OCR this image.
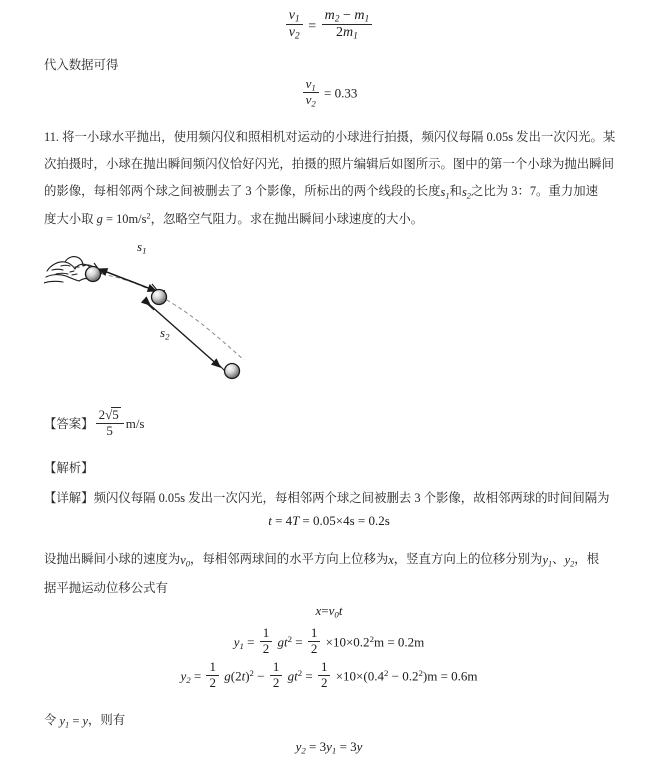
$\frac{v_1}{v_2} = \frac{m_2 - m_1}{2m_1}$
代入数据可得
$\frac{v_1}{v_2} = 0.33$
11. 将一小球水平抛出，使用频闪仪和照相机对运动的小球进行拍摄，频闪仪每隔 0.05s 发出一次闪光。某
次拍摄时，小球在抛出瞬间频闪仪恰好闪光，拍摄的照片编辑后如图所示。图中的第一个小球为抛出瞬间
的影像，每相邻两个球之间被删去了 3 个影像，所标出的两个线段的长度$s_1$和$s_2$之比为 3：7。重力加速
度大小取 $g = 10m/s^2$，忽略空气阻力。求在抛出瞬间小球速度的大小。
$s_1$
$s_2$
【答案】 $\frac{2√5}{5} m/s$
【解析】
【详解】频闪仪每隔 0.05s 发出一次闪光，每相邻两个球之间被删去 3 个影像，故相邻两球的时间间隔为
t = 4T = 0.05×4s = 0.2s
设抛出瞬间小球的速度为$v_0$，每相邻两球间的水平方向上位移为x，竖直方向上的位移分别为$y_1$、$y_2$，根
据平抛运动位移公式有
$x=v_0t$
$y_1 = \frac{1}{2} gt^2 = \frac{1}{2} \times 10\times 0.2^2m = 0.2m$
$y_2 = \frac{1}{2} g(2t)^2 - \frac{1}{2} gt^2 = \frac{1}{2} \times 10\times(0.4^2 - 0.2^2)m = 0.6m$
令 $y_1 = y$，则有
$y_2 = 3y_1 = 3y$
